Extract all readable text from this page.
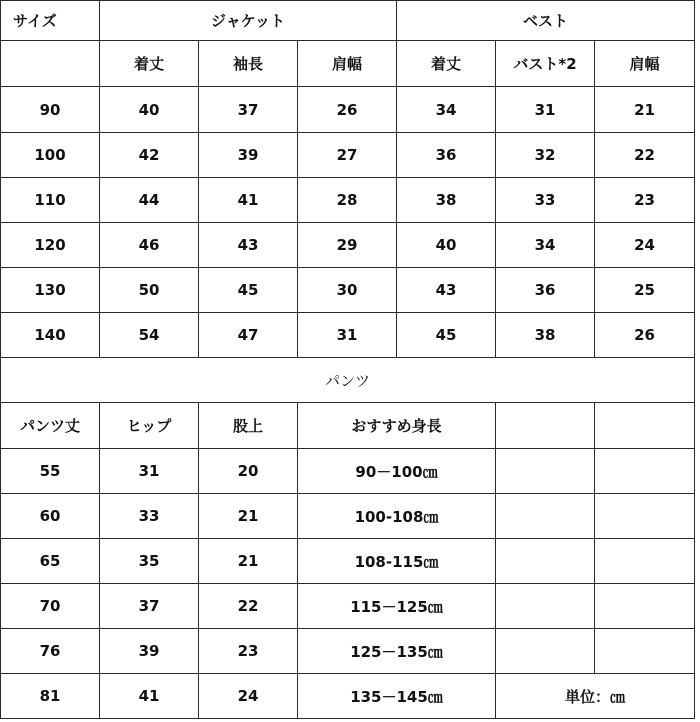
サイズ	ジャケット			ベスト		
	着丈	袖長	肩幅	着丈	バスト*2	肩幅
90	40	37	26	34	31	21
100	42	39	27	36	32	22
110	44	41	28	38	33	23
120	46	43	29	40	34	24
130	50	45	30	43	36	25
140	54	47	31	45	38	26
パンツ						
パンツ丈	ヒップ	股上	おすすめ身長			
55	31	20	90－100㎝			
60	33	21	100-108㎝			
65	35	21	108-115㎝			
70	37	22	115－125㎝			
76	39	23	125－135㎝			
81	41	24	135－145㎝		単位：㎝	
